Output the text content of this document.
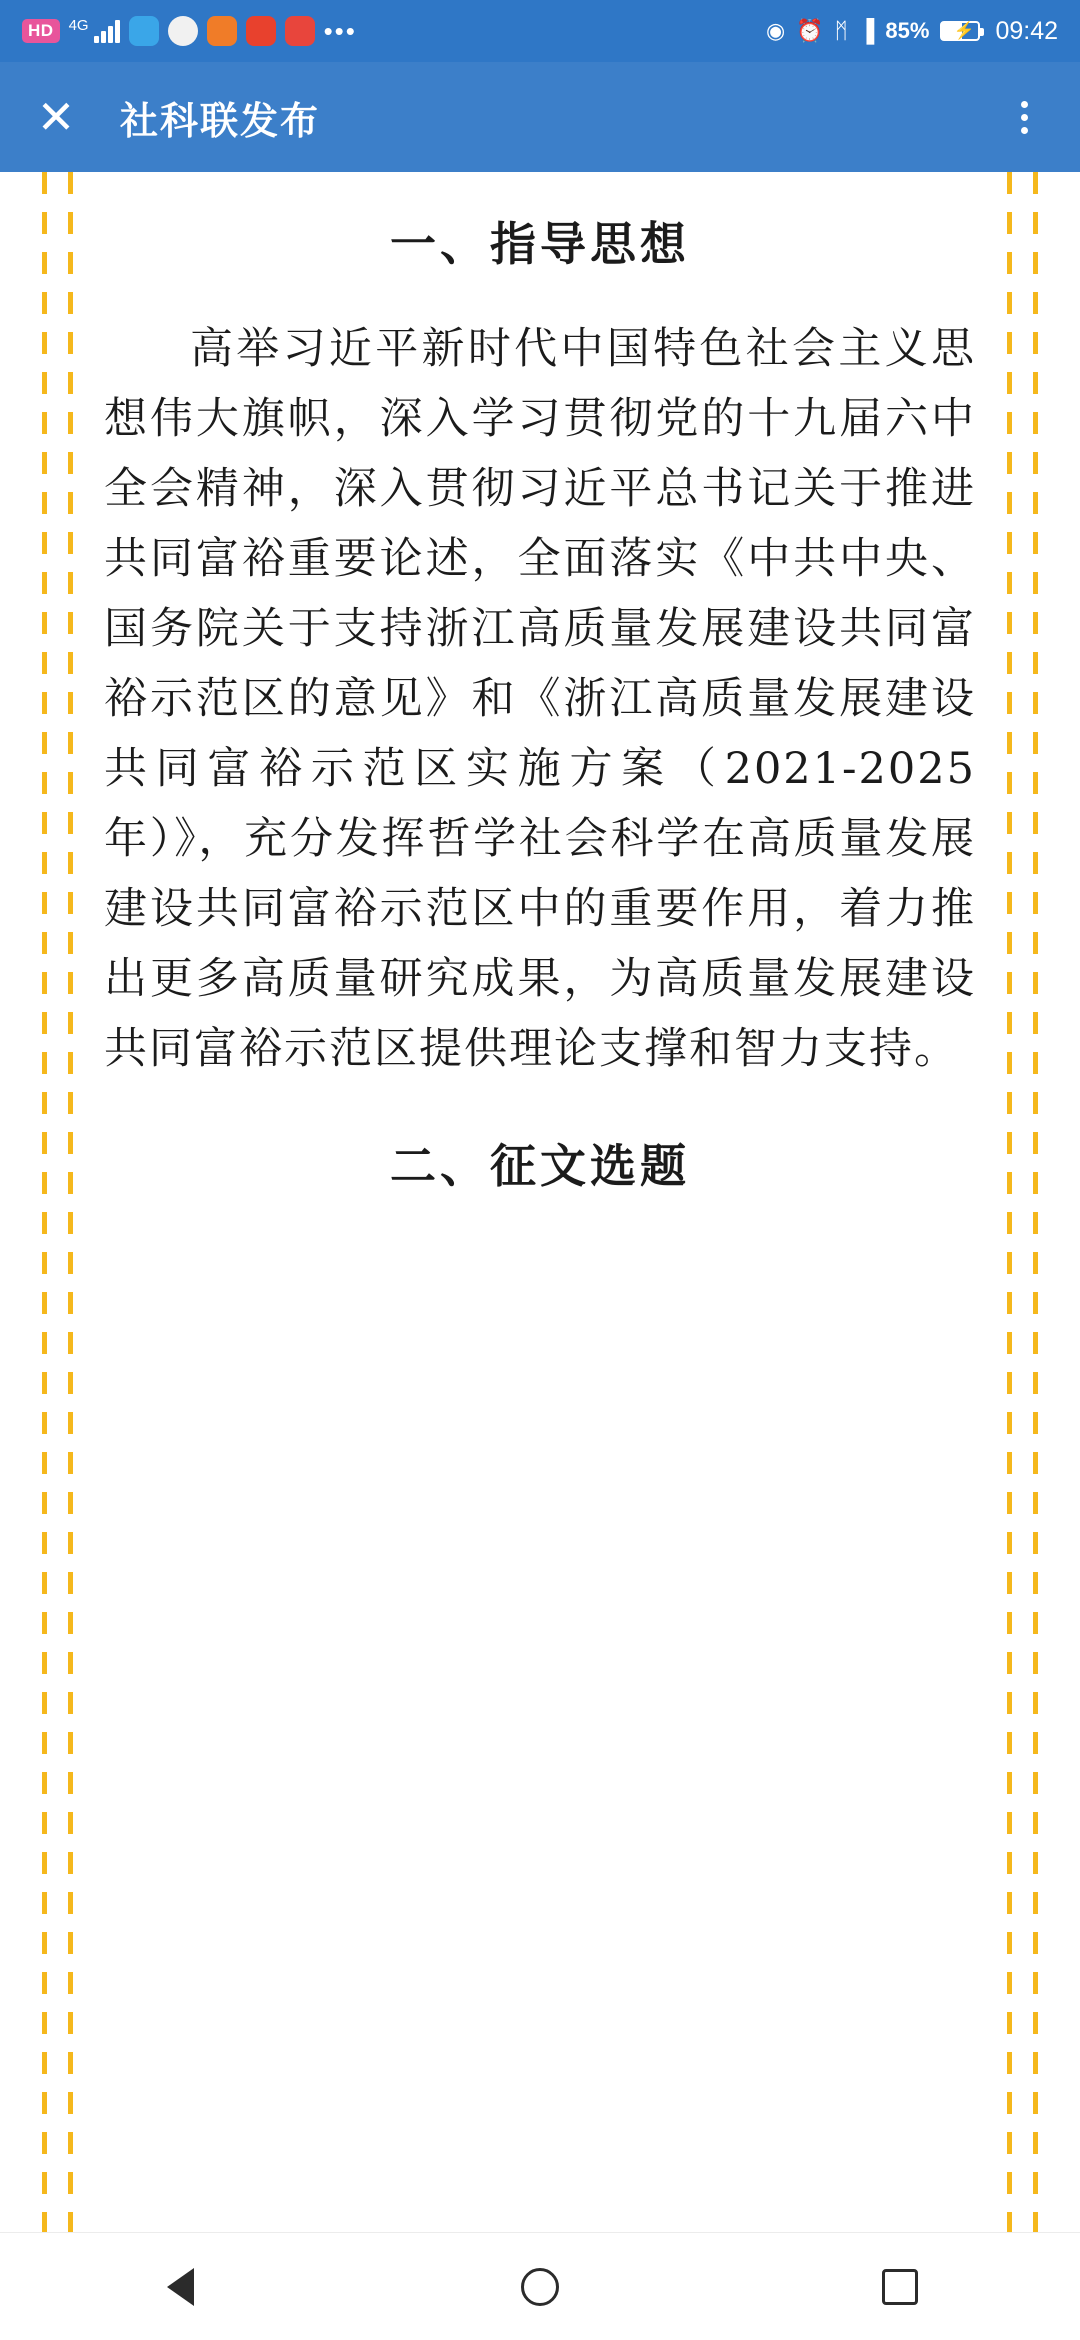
HD	4G	•••	◉ ⏰ ᛗ ▐ 85% ⚡ 09:42
✕ 社科联发布
一、指导思想

高举习近平新时代中国特色社会主义思想伟大旗帜，深入学习贯彻党的十九届六中全会精神，深入贯彻习近平总书记关于推进共同富裕重要论述，全面落实《中共中央、国务院关于支持浙江高质量发展建设共同富裕示范区的意见》和《浙江高质量发展建设共同富裕示范区实施方案（2021-2025年）》，充分发挥哲学社会科学在高质量发展建设共同富裕示范区中的重要作用，着力推出更多高质量研究成果，为高质量发展建设共同富裕示范区提供理论支撑和智力支持。

二、征文选题
